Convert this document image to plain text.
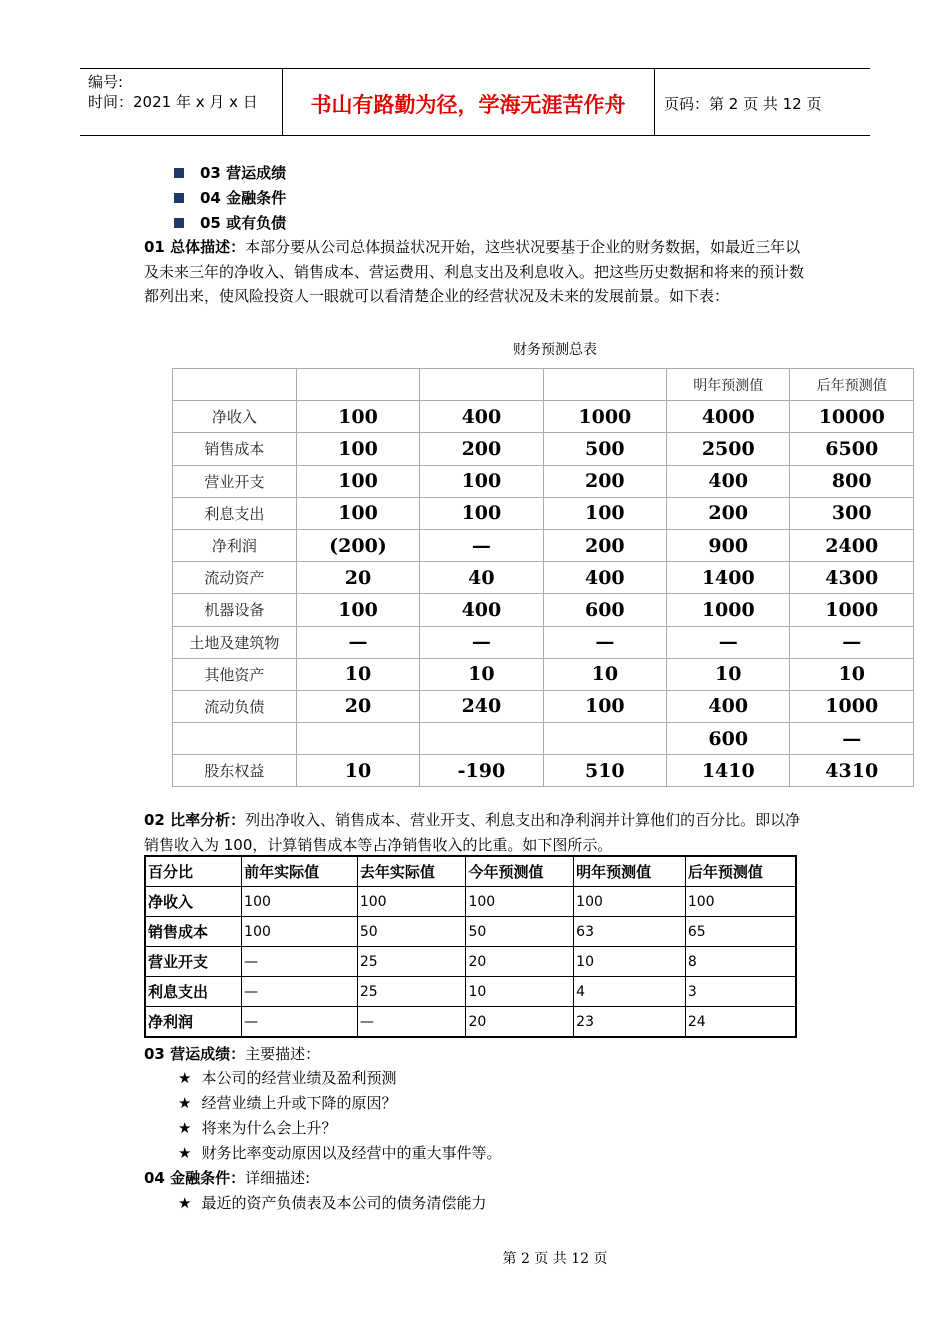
编号:
时间：2021 年 x 月 x 日	书山有路勤为径，学海无涯苦作舟	页码：第 2 页 共 12 页
03 营运成绩
04 金融条件
05 或有负债
01 总体描述：本部分要从公司总体损益状况开始，这些状况要基于企业的财务数据，如最近三年以及未来三年的净收入、销售成本、营运费用、利息支出及利息收入。把这些历史数据和将来的预计数都列出来，使风险投资人一眼就可以看清楚企业的经营状况及未来的发展前景。如下表：
财务预测总表
				明年预测值	后年预测值
净收入	100	400	1000	4000	10000
销售成本	100	200	500	2500	6500
营业开支	100	100	200	400	800
利息支出	100	100	100	200	300
净利润	(200)	—	200	900	2400
流动资产	20	40	400	1400	4300
机器设备	100	400	600	1000	1000
土地及建筑物	—	—	—	—	—
其他资产	10	10	10	10	10
流动负债	20	240	100	400	1000
				600	—
股东权益	10	-190	510	1410	4310
02 比率分析：列出净收入、销售成本、营业开支、利息支出和净利润并计算他们的百分比。即以净销售收入为 100，计算销售成本等占净销售收入的比重。如下图所示。
百分比	前年实际值	去年实际值	今年预测值	明年预测值	后年预测值
净收入	100	100	100	100	100
销售成本	100	50	50	63	65
营业开支	—	25	20	10	8
利息支出	—	25	10	4	3
净利润	—	—	20	23	24
03 营运成绩：主要描述：
★ 本公司的经营业绩及盈利预测
★ 经营业绩上升或下降的原因？
★ 将来为什么会上升？
★ 财务比率变动原因以及经营中的重大事件等。
04 金融条件：详细描述:
★ 最近的资产负债表及本公司的债务清偿能力
第 2 页 共 12 页
